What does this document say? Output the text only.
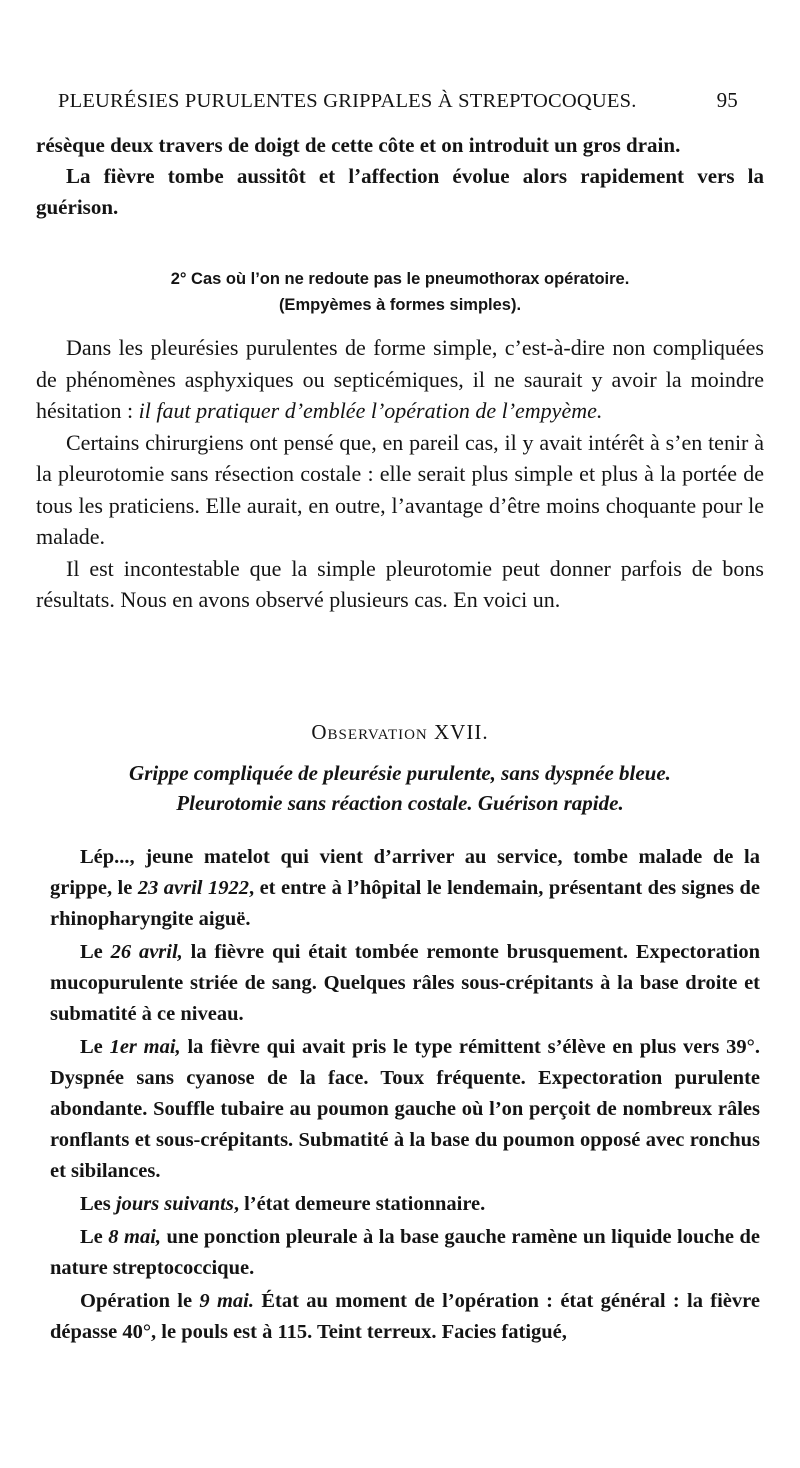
PLEURÉSIES PURULENTES GRIPPALES À STREPTOCOQUES.	95

résèque deux travers de doigt de cette côte et on introduit un gros drain.

La fièvre tombe aussitôt et l’affection évolue alors rapidement vers la guérison.

2° Cas où l’on ne redoute pas le pneumothorax opératoire.
(Empyèmes à formes simples).

Dans les pleurésies purulentes de forme simple, c’est-à-dire non compliquées de phénomènes asphyxiques ou septicémiques, il ne saurait y avoir la moindre hésitation : il faut pratiquer d’emblée l’opération de l’empyème.

Certains chirurgiens ont pensé que, en pareil cas, il y avait intérêt à s’en tenir à la pleurotomie sans résection costale : elle serait plus simple et plus à la portée de tous les praticiens. Elle aurait, en outre, l’avantage d’être moins choquante pour le malade.

Il est incontestable que la simple pleurotomie peut donner parfois de bons résultats. Nous en avons observé plusieurs cas. En voici un.

Observation XVII.
Grippe compliquée de pleurésie purulente, sans dyspnée bleue.
Pleurotomie sans réaction costale. Guérison rapide.

Lép..., jeune matelot qui vient d’arriver au service, tombe malade de la grippe, le 23 avril 1922, et entre à l’hôpital le lendemain, présentant des signes de rhinopharyngite aiguë.

Le 26 avril, la fièvre qui était tombée remonte brusquement. Expectoration mucopurulente striée de sang. Quelques râles sous-crépitants à la base droite et submatité à ce niveau.

Le 1er mai, la fièvre qui avait pris le type rémittent s’élève en plus vers 39°. Dyspnée sans cyanose de la face. Toux fréquente. Expectoration purulente abondante. Souffle tubaire au poumon gauche où l’on perçoit de nombreux râles ronflants et sous-crépitants. Submatité à la base du poumon opposé avec ronchus et sibilances.

Les jours suivants, l’état demeure stationnaire.

Le 8 mai, une ponction pleurale à la base gauche ramène un liquide louche de nature streptococcique.

Opération le 9 mai. État au moment de l’opération : état général : la fièvre dépasse 40°, le pouls est à 115. Teint terreux. Facies fatigué,
